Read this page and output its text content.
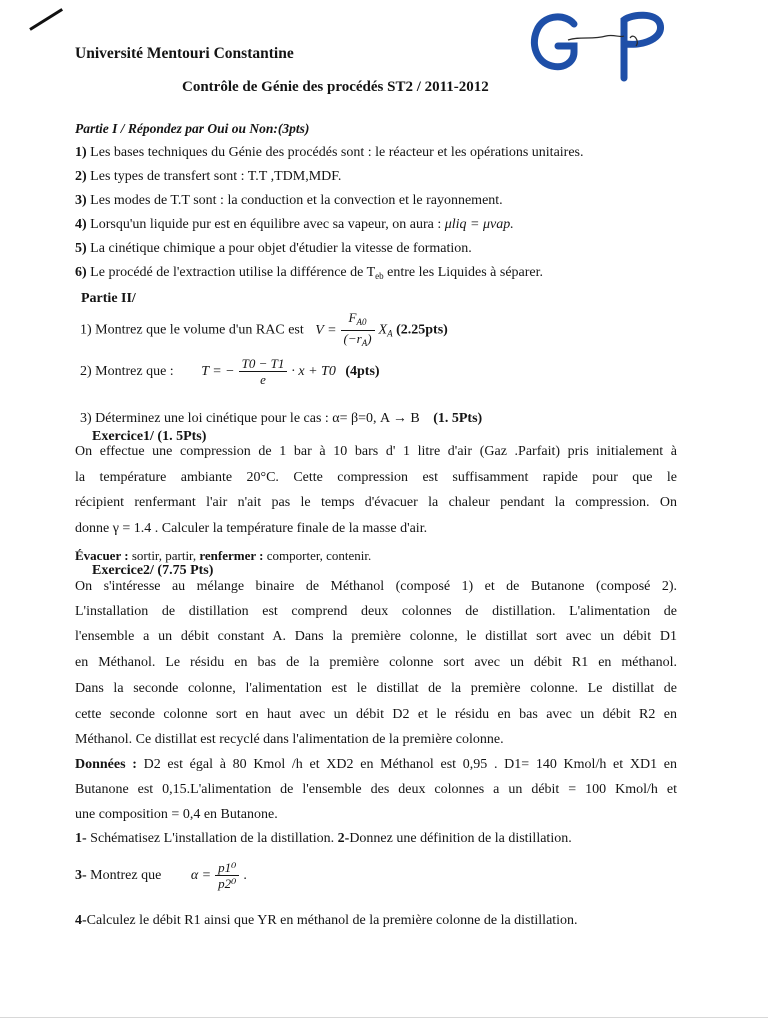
Université Mentouri Constantine
Contrôle de Génie des procédés ST2 / 2011-2012
Partie I / Répondez par Oui ou Non:(3pts)
1) Les bases techniques du Génie des procédés sont : le réacteur et les opérations unitaires.
2) Les types de transfert sont : T.T ,TDM,MDF.
3) Les modes de T.T sont : la conduction et la convection et le rayonnement.
4) Lorsqu'un liquide pur est en équilibre avec sa vapeur, on aura : μliq = μvap.
5) La cinétique chimique a pour objet d'étudier la vitesse de formation.
6) Le procédé de l'extraction utilise la différence de $T_{eb}$ entre les Liquides à séparer.
Partie II/
1) Montrez que le volume d'un RAC est $V = \frac{F_{A0}}{(-r_A)} X_A$ (2.25pts)
2) Montrez que : T = − $\frac{T0 - T1}{e} \cdot x + T0$ (4pts)
3) Déterminez une loi cinétique pour le cas : α= β=0, A → B (1. 5Pts)
Exercice1/ (1. 5Pts)
On effectue une compression de 1 bar à 10 bars d' 1 litre d'air (Gaz .Parfait) pris initialement à
la température ambiante 20°C. Cette compression est suffisamment rapide pour que le
récipient renfermant l'air n'ait pas le temps d'évacuer la chaleur pendant la compression. On
donne γ = 1.4 . Calculer la température finale de la masse d'air.
Évacuer : sortir, partir, renfermer : comporter, contenir.
Exercice2/ (7.75 Pts)
On s'intéresse au mélange binaire de Méthanol (composé 1) et de Butanone (composé 2).
L'installation de distillation est comprend deux colonnes de distillation. L'alimentation de
l'ensemble a un débit constant A. Dans la première colonne, le distillat sort avec un débit D1
en Méthanol. Le résidu en bas de la première colonne sort avec un débit R1 en méthanol.
Dans la seconde colonne, l'alimentation est le distillat de la première colonne. Le distillat de
cette seconde colonne sort en haut avec un débit D2 et le résidu en bas avec un débit R2 en
Méthanol. Ce distillat est recyclé dans l'alimentation de la première colonne.
Données : D2 est égal à 80 Kmol /h et XD2 en Méthanol est 0,95 . D1= 140 Kmol/h et XD1 en
Butanone est 0,15.L'alimentation de l'ensemble des deux colonnes a un débit = 100 Kmol/h et
une composition = 0,4 en Butanone.
1- Schématisez L'installation de la distillation. 2-Donnez une définition de la distillation.
3- Montrez que $\alpha = \frac{\text{p1⁰}}{\text{p2⁰}}$ .
4-Calculez le débit R1 ainsi que YR en méthanol de la première colonne de la distillation.
